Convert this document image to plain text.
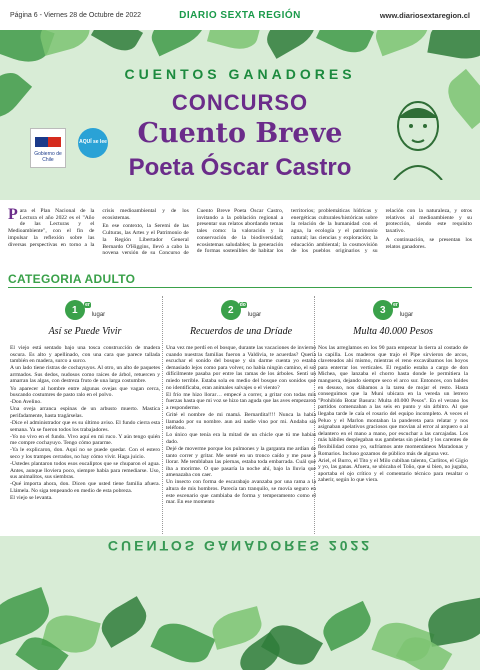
Página 6 - Viernes 28 de Octubre de 2022	DIARIO SEXTA REGIÓN	www.diariosextaregion.cl
CUENTOS GANADORES
CONCURSO
Cuento Breve
Poeta Óscar Castro
Gobierno de Chile
AQUÍ se lee

Para el Plan Nacional de la Lectura el año 2022 es el "Año de las Lecturas y el Medioambiente", con el fin de impulsar la reflexión sobre las diversas perspectivas en torno a la crisis medioambiental y de los ecosistemas.

En ese contexto, la Seremi de las Culturas, las Artes y el Patrimonio de la Región Libertador General Bernardo O'Higgins, llevó a cabo la novena versión de su Concurso de Cuento Breve Poeta Óscar Castro, invitando a la población regional a presentar sus relatos abordando temas tales como: la valoración y la conservación de la biodiversidad; ecosistemas saludables; la generación de formas sostenibles de habitar los territorios; problemáticas hídricas y energéticas culturales/históricas sobre la relación de la humanidad con el agua, la ecología y el patrimonio natural; las ciencias y exploración; la educación ambiental; la cosmovisión de los pueblos originarios y su relación con la naturaleza, y otros relativos al medioambiente y su protección, siendo este requisito taxativo.

A continuación, se presentan los relatos ganadores.

CATEGORIA ADULTO
1 $^{er}$
lugar
Así se Puede Vivir

El viejo está sentado bajo una tosca construcción de madera oscura. Es alto y apellinado, con una cara que parece tallada también en madera, surco a surco.

A un lado tiene ristras de cochayuyos. Al otro, un alto de paquetes arrmados. Sus dedos, nudosos como raíces de árbol, retuercen y amarran las algas, con destreza fruto de una larga costumbre.

Yo aparecer al hombre entre algunas ovejas que vagan cerca, buscando costumres de pasto ralo en el polvo.

-Don Avelino.

Una oveja arranca espinas de un arbusto muerto. Mastica perifadamente, hasta tragárselas.

-Dice el administrador que es su último aviso. El fundo cierra esta semana. Ya se fueron todos los trabajadores.

-Yo no vivo en el fundo. Vivo aquí en mi ruco. Y aún tengo quién me compre cochayuyo. Tengo cómo pararme.

-Ya le explicaron, don. Aquí no se puede quedar. Con el estero seco y los trampes cerrados, no hay cómo vivir. Haga juicio.

-Ustedes plantaron todos esos eucaliptos que se chuparon el agua. Antes, aunque lloviera poco, siempre había para remediarse. Uso, sus animalitos, sus siembras.

-Qué importa ahora, don. Dicen que usted tiene familia afuera. Llámela. No siga tenpeando en medio de esta pobreza.

El viejo se levanta.

2 $^{do}$
lugar
Recuerdos de una Dríade

Una vez me perdí en el bosque, durante las vacaciones de invierno cuando nuestras familias fueron a Valdivia, te acuerdas? Quería escuchar el sonido del bosque y sin darme cuenta yo estaba demasiado lejos como para volver, no había ningún camino, el sol difícilmente pasaba por entre las ramas de los árboles. Sentí un miedo terrible. Estaba sola en medio del bosque con sonidos que no identificaba, eran animales salvajes o el viento?

El frío me hizo llorar… empecé a correr, a gritar con todas mis fuerzas hasta que mi voz se hizo tan aguda que las aves empezaron a responderme.

Grité el nombre de mi mamá. Bernardita!!!! Nunca la había llamado por su nombre. aun así nadie vino por mi. Andaba sin teléfono.

Lo único que tenía era la mitad de un chicle que tú me habías dado.

Dejé de moverme porque los pulmones y la garganta me ardían de tanto correr y gritar. Me senté en un tronco caído y me puse a llorar. Me temblaban las piernas, estaba toda embarrada. Cuál que iba a morirme. O que pasaría la noche ahí, bajo la lluvia que amenazaba con caer.

Un insecto con forma de escarabajo avanzaba por una rama a la altura de mis hombros. Parecía tan tranquilo, se movía seguro en este escenario que cambiaba de forma y temperamento como el mar. En ese momento

3 $^{er}$
lugar
Multa 40.000 Pesos

Nos las arreglamos en los 90 para empezar la tierra al costado de la capilla. Los maderos que trajo el Pipe sirvieron de arcos, claveteados ahí mismo, mientras el reno excavábamos los hoyos para enterrar los verticales. El regadío estaba a cargo de don Michea, que lanzaba el chorro hasta donde le permitiera la manguera, dejando siempre seco el arco sur. Entonces, con baldes en desuso, nos dábamos a la tarea de mojar el resto. Hasta conseguimos que la Muni ubicara en la vereda un letrero "Prohibido Botar Basura: Multa 40.000 Pesos". En el verano los partidos comenzaban a las seis en punto y sin árbitro. Al que llegaba tarde le caía el rosario del equipo incompleto. A veces el Peluo y el Marlon montaban la pandereta para relatar y nos asignaban apelativos graciosos que movían al error al arquero o al delantero en el mano a mano, por escuchar a las carcajadas. Los más hábiles desplegaban sus gambetas sin piedad y los carentes de flexibilidad como yo, sufríamos ante momentáneos Maradonas y Romarios. Incluso gozamos de público más de alguna vez.

Ariel, el Burro, el Tito y el Milo cubiban talento, Carlitos, el Gigio y yo, las ganas. Afuera, se ubicaba el Toño, que si bien, no jugaba, aportaba el ojo crítico y el comentario técnico para resaltar o zaherir, según lo que viera.

CUENTOS GANADORES 2022
